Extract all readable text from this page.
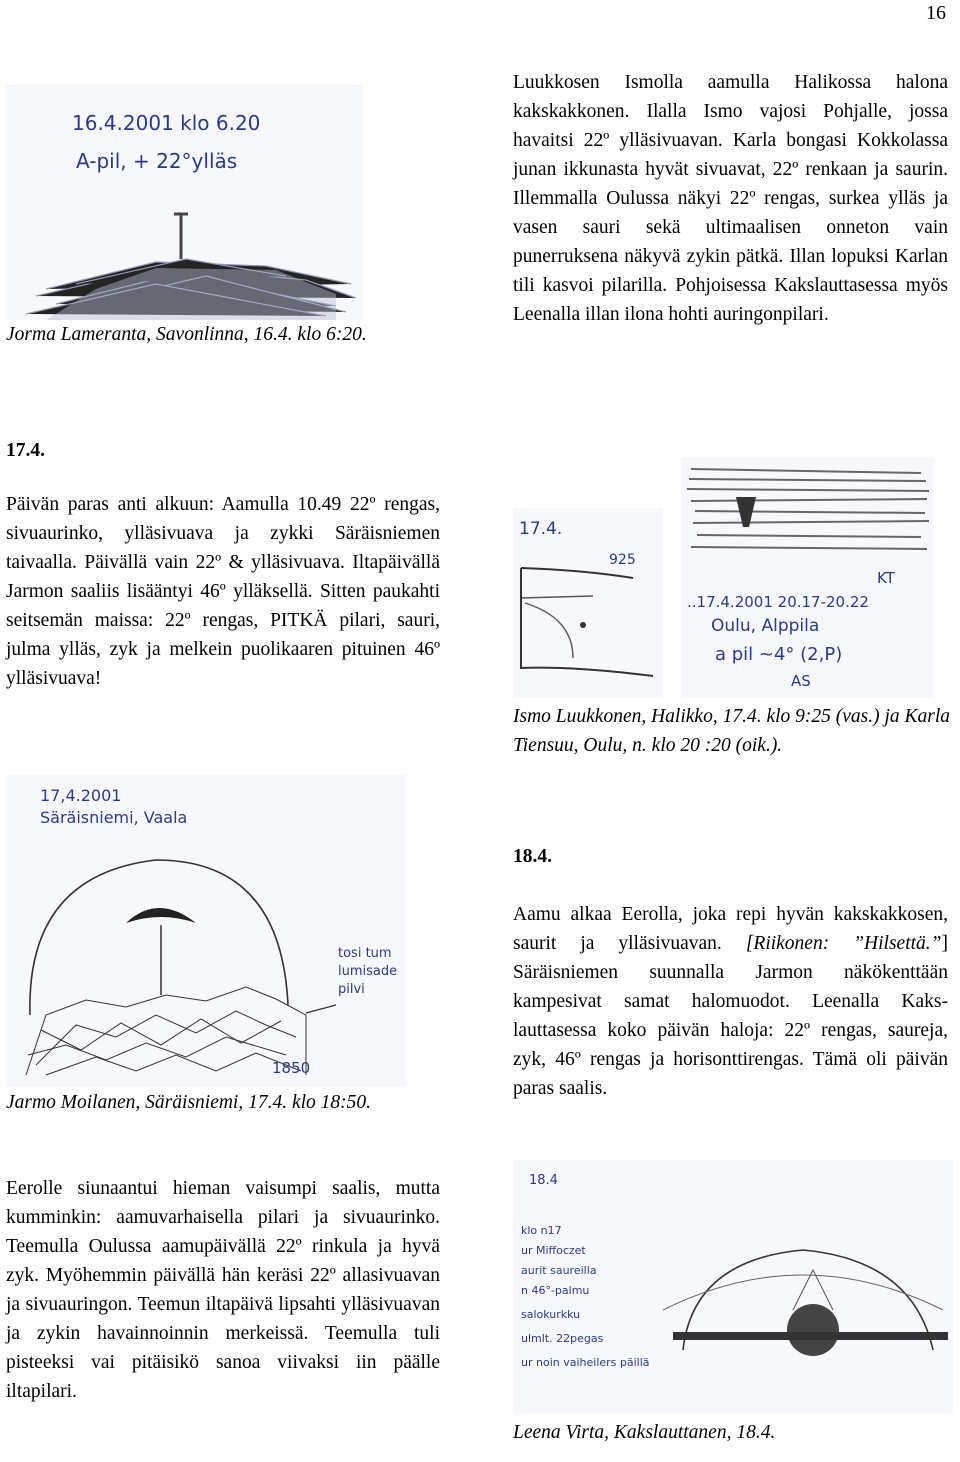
16
16.4.2001 klo 6.20
A-pil, + 22°ylläs
Jorma Lameranta, Savonlinna, 16.4. klo 6:20.
Luukkosen Ismolla aamulla Halikossa halona kakskakkonen. Ilalla Ismo vajosi Pohjalle, jossa havaitsi 22º ylläsivuavan. Karla bongasi Kokkolassa junan ikkunasta hyvät sivuavat, 22º renkaan ja saurin. Illemmalla Oulussa näkyi 22º rengas, surkea ylläs ja vasen sauri sekä ultimaalisen onneton vain punerruksena näkyvä zykin pätkä. Illan lopuksi Karlan tili kasvoi pilarilla. Pohjoisessa Kakslauttasessa myös Leenalla illan ilona hohti auringonpilari.
17.4.
Päivän paras anti alkuun: Aamulla 10.49 22º rengas, sivuaurinko, ylläsivuava ja zykki Säräisniemen taivaalla. Päivällä vain 22º & ylläsivuava. Iltapäivällä Jarmon saaliis lisääntyi 46º ylläksellä. Sitten paukahti seitsemän maissa: 22º rengas, PITKÄ pilari, sauri, julma ylläs, zyk ja melkein puolikaaren pituinen 46º ylläsivuava!
17.4.
925
KT
..17.4.2001 20.17-20.22
Oulu, Alppila
a pil ~4° (2,P)
AS
Ismo Luukkonen, Halikko, 17.4. klo 9:25 (vas.) ja Karla Tiensuu, Oulu, n. klo 20 :20 (oik.).
17,4.2001
Säräisniemi, Vaala
tosi tum
lumisade
pilvi
1850
Jarmo Moilanen, Säräisniemi, 17.4. klo 18:50.
Eerolle siunaantui hieman vaisumpi saalis, mutta kumminkin: aamuvarhaisella pilari ja sivuaurinko. Teemulla Oulussa aamupäivällä 22º rinkula ja hyvä zyk. Myöhemmin päivällä hän keräsi 22º allasivuavan ja sivuauringon. Teemun iltapäivä lipsahti ylläsivuavan ja zykin havainnoinnin merkeissä. Teemulla tuli pisteeksi vai pitäisikö sanoa viivaksi iin päälle iltapilari.
18.4.
Aamu alkaa Eerolla, joka repi hyvän kakskakkosen, saurit ja ylläsivuavan. [Riikonen: ”Hilsettä.”] Säräisniemen suunnalla Jarmon näkökenttään kampesivat samat halomuodot. Leenalla Kaks-lauttasessa koko päivän haloja: 22º rengas, saureja, zyk, 46º rengas ja horisonttirengas. Tämä oli päivän paras saalis.
18.4
klo n17
ur Miffoczet
aurit saureilla
n 46°-palmu
salokurkku
ulmlt. 22pegas
ur noin vaiheilers päillä
Leena Virta, Kakslauttanen, 18.4.
